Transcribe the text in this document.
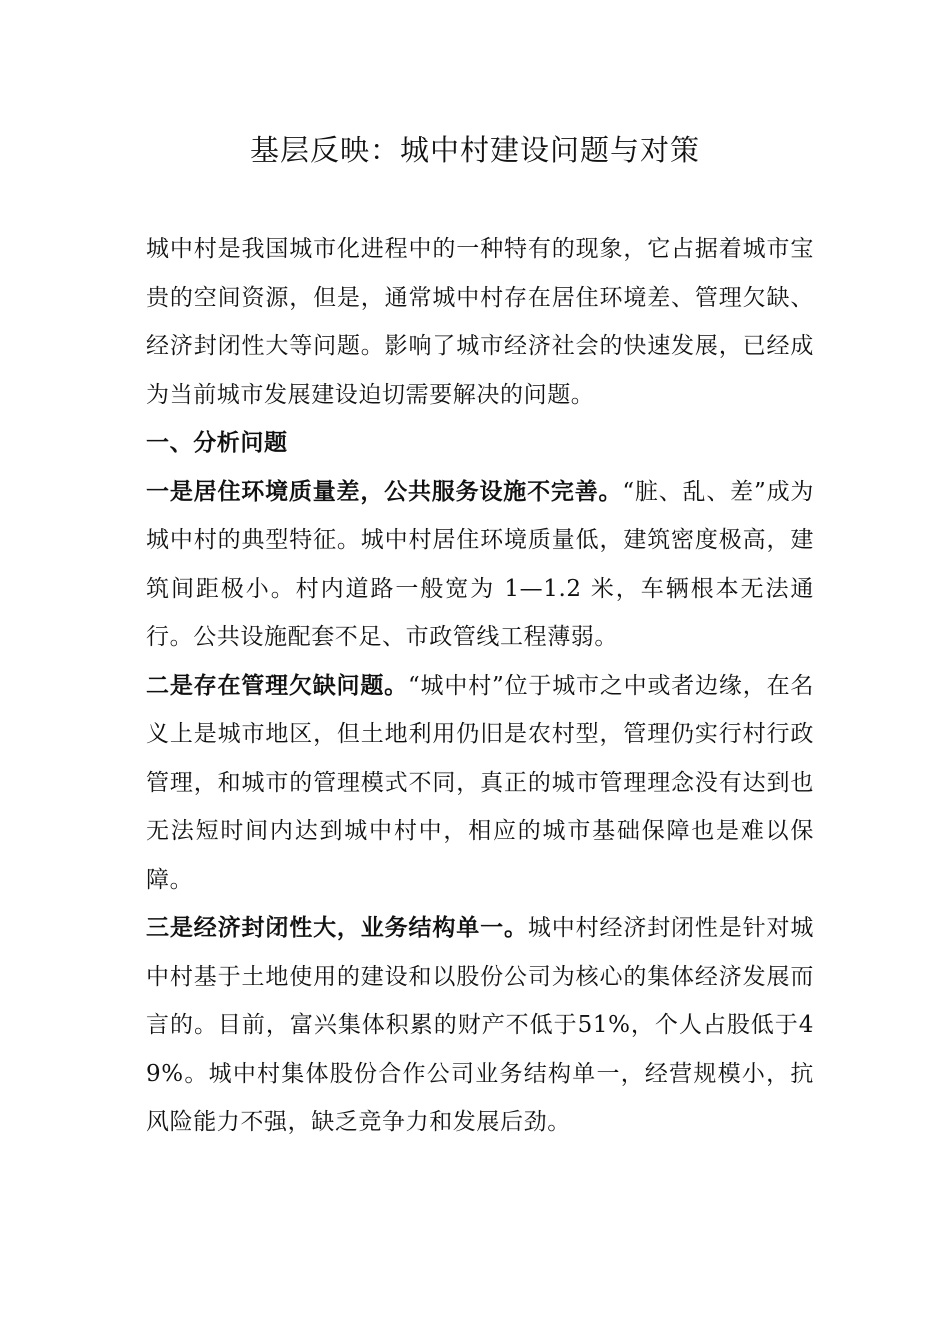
基层反映：城中村建设问题与对策

城中村是我国城市化进程中的一种特有的现象，它占据着城市宝贵的空间资源，但是，通常城中村存在居住环境差、管理欠缺、经济封闭性大等问题。影响了城市经济社会的快速发展，已经成为当前城市发展建设迫切需要解决的问题。

一、分析问题

一是居住环境质量差，公共服务设施不完善。“脏、乱、差”成为城中村的典型特征。城中村居住环境质量低，建筑密度极高，建筑间距极小。村内道路一般宽为 1—1.2 米，车辆根本无法通行。公共设施配套不足、市政管线工程薄弱。

二是存在管理欠缺问题。“城中村”位于城市之中或者边缘，在名义上是城市地区，但土地利用仍旧是农村型，管理仍实行村行政管理，和城市的管理模式不同，真正的城市管理理念没有达到也无法短时间内达到城中村中，相应的城市基础保障也是难以保障。

三是经济封闭性大，业务结构单一。城中村经济封闭性是针对城中村基于土地使用的建设和以股份公司为核心的集体经济发展而言的。目前，富兴集体积累的财产不低于51%，个人占股低于49%。城中村集体股份合作公司业务结构单一，经营规模小，抗风险能力不强，缺乏竞争力和发展后劲。
